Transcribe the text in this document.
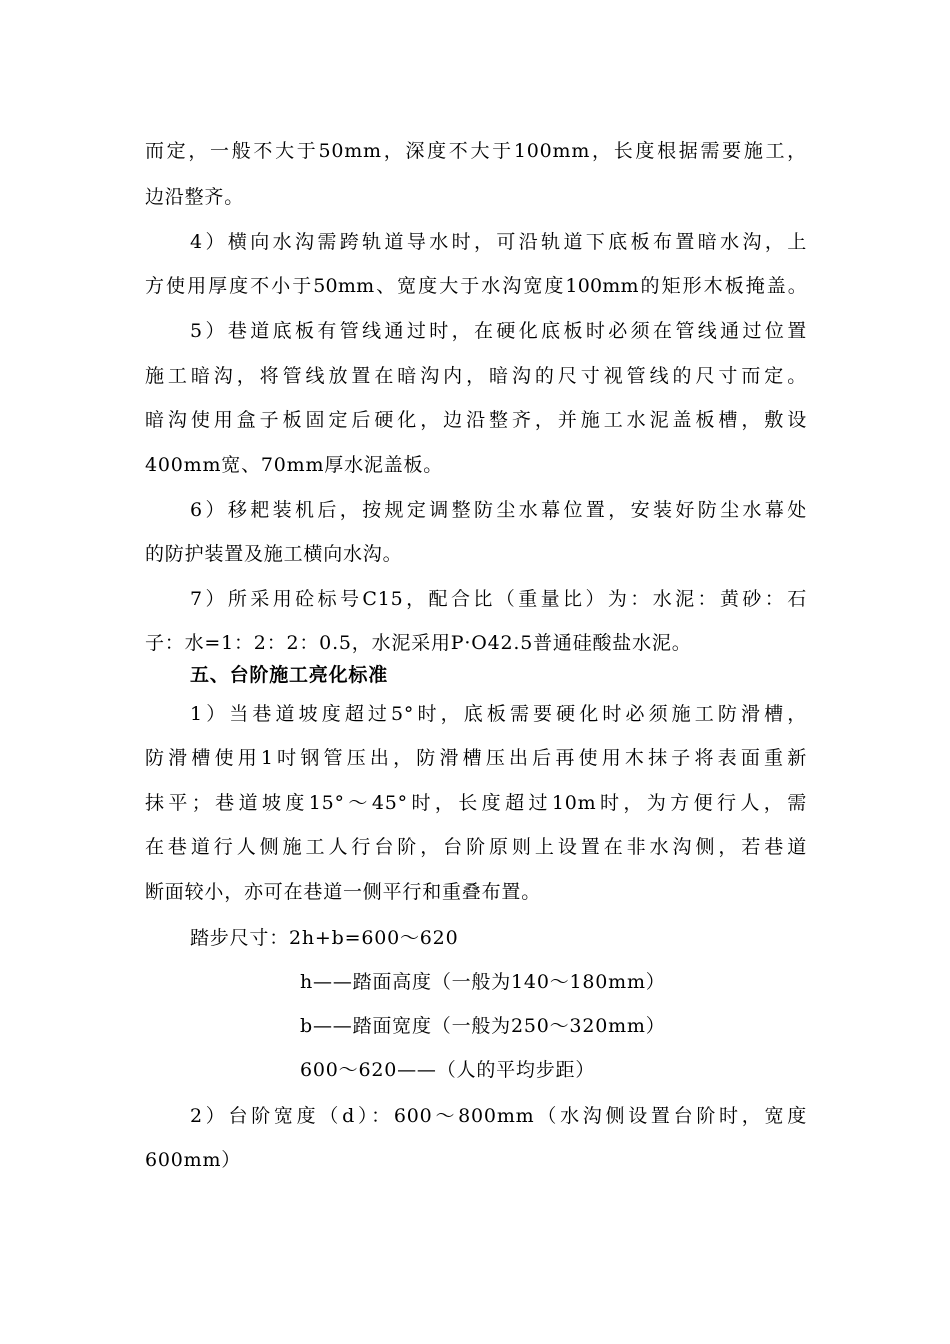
而定，一般不大于50mm，深度不大于100mm，长度根据需要施工，
边沿整齐。
4）横向水沟需跨轨道导水时，可沿轨道下底板布置暗水沟，上
方使用厚度不小于50mm、宽度大于水沟宽度100mm的矩形木板掩盖。
5）巷道底板有管线通过时，在硬化底板时必须在管线通过位置
施工暗沟，将管线放置在暗沟内，暗沟的尺寸视管线的尺寸而定。
暗沟使用盒子板固定后硬化，边沿整齐，并施工水泥盖板槽，敷设
400mm宽、70mm厚水泥盖板。
6）移耙装机后，按规定调整防尘水幕位置，安装好防尘水幕处
的防护装置及施工横向水沟。
7）所采用砼标号C15，配合比（重量比）为：水泥：黄砂：石
子：水=1：2：2：0.5，水泥采用P·O42.5普通硅酸盐水泥。
五、台阶施工亮化标准
1）当巷道坡度超过5°时，底板需要硬化时必须施工防滑槽，
防滑槽使用1吋钢管压出，防滑槽压出后再使用木抹子将表面重新
抹平；巷道坡度15°～45°时，长度超过10m时，为方便行人，需
在巷道行人侧施工人行台阶，台阶原则上设置在非水沟侧，若巷道
断面较小，亦可在巷道一侧平行和重叠布置。
踏步尺寸：2h+b=600～620
h——踏面高度（一般为140～180mm）
b——踏面宽度（一般为250～320mm）
600～620——（人的平均步距）
2）台阶宽度（d）：600～800mm（水沟侧设置台阶时，宽度
600mm）
